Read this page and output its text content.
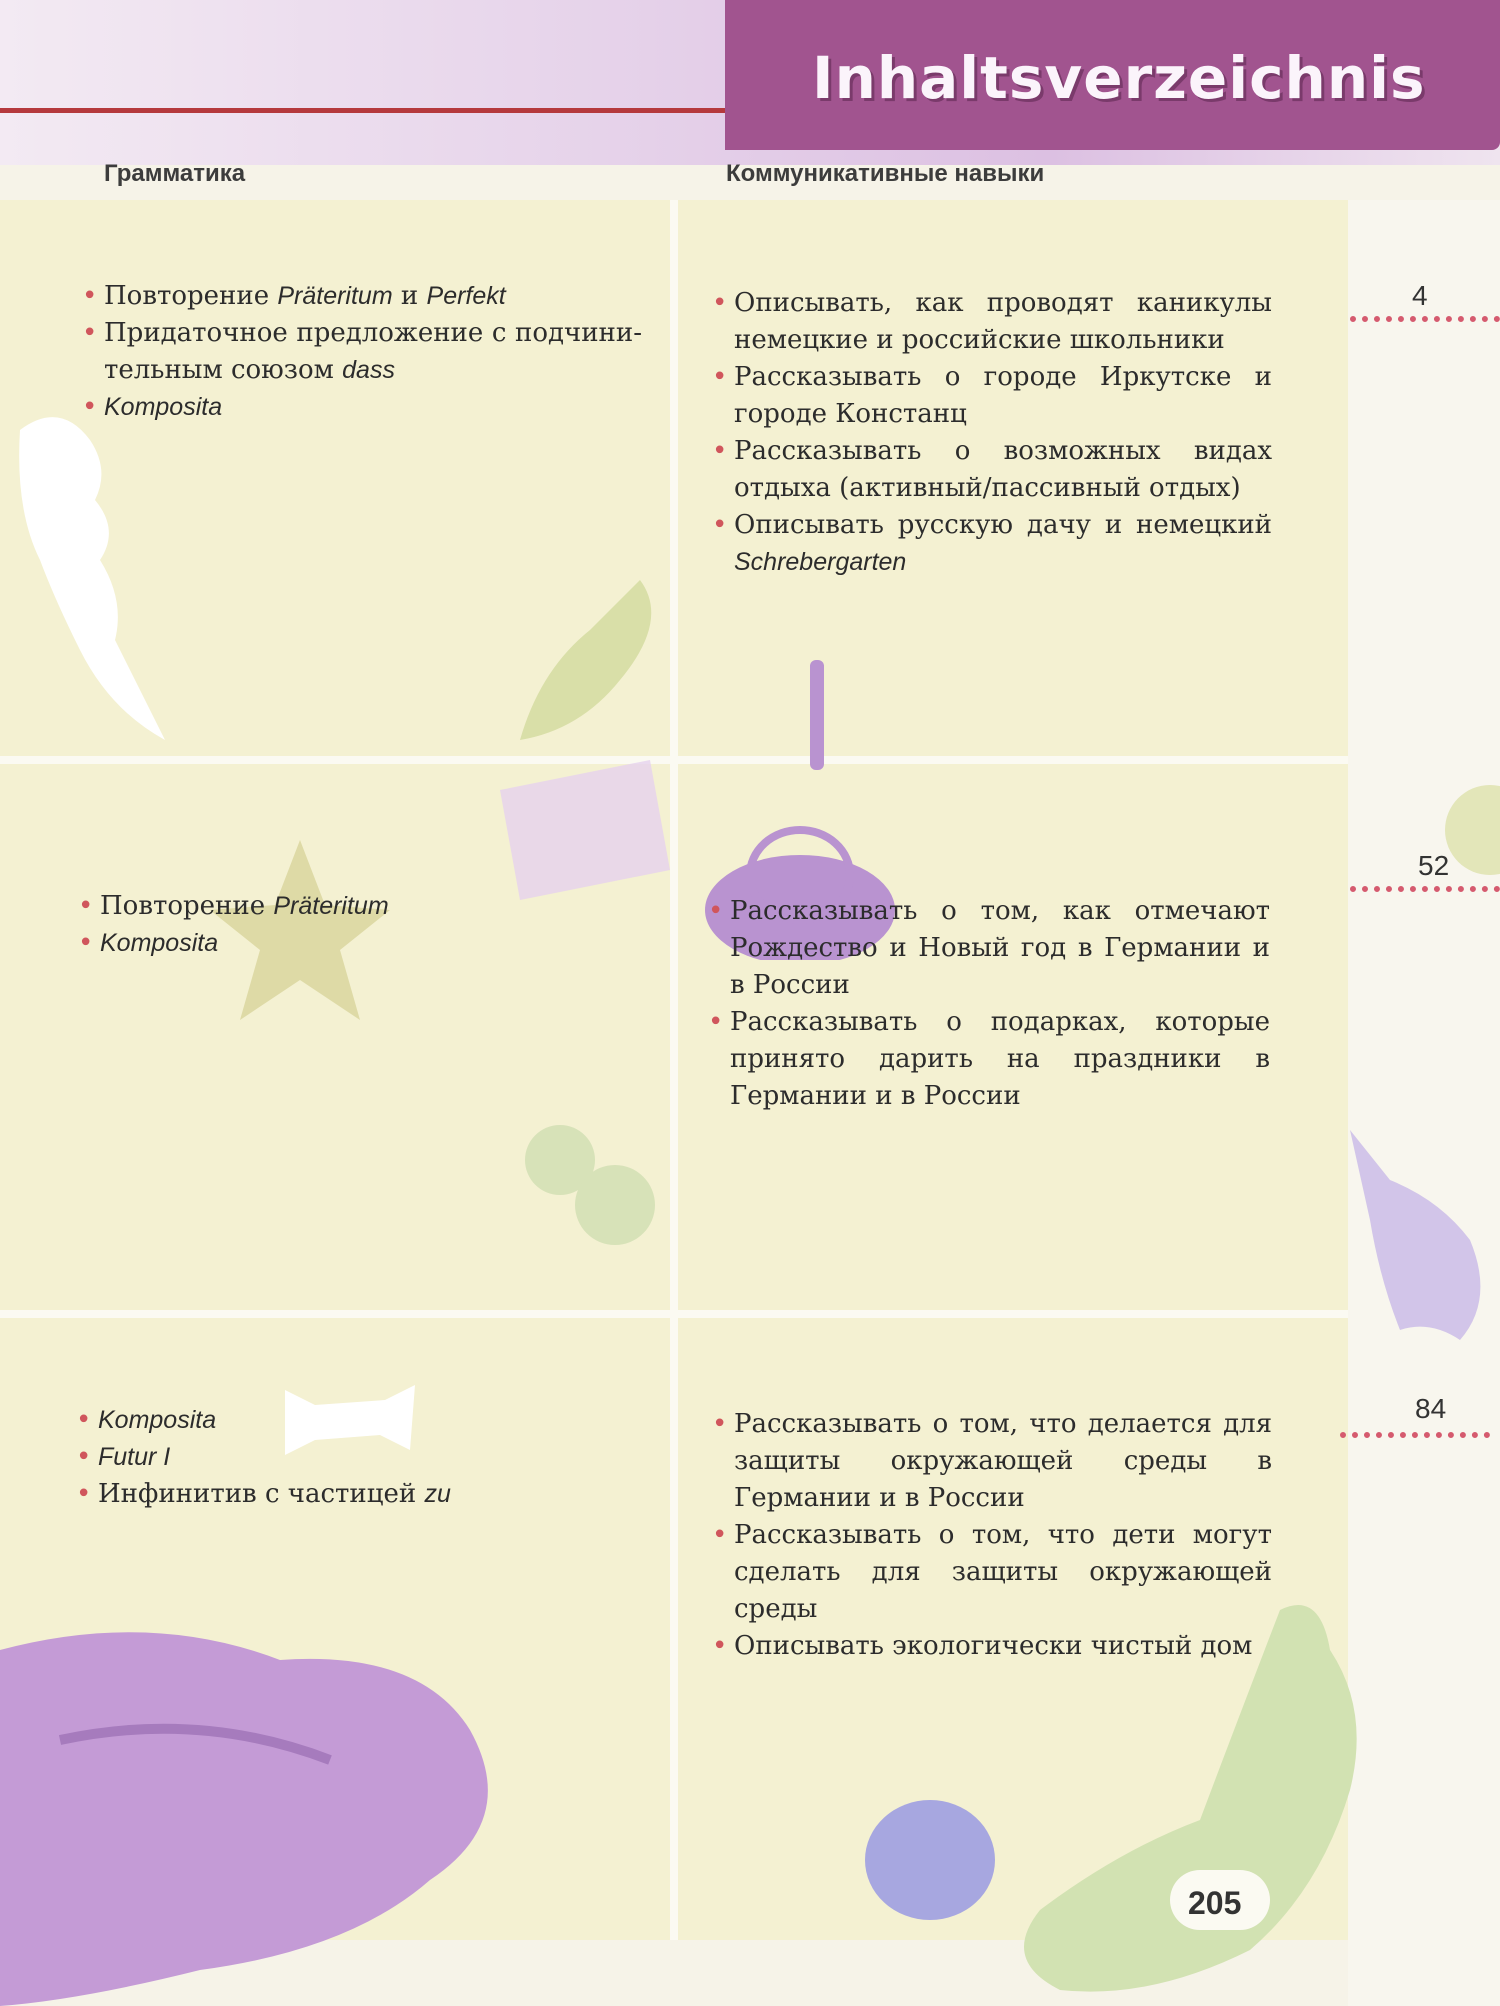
Inhaltsverzeichnis
Грамматика	Коммуникативные навыки
• Повторение Präteritum и Perfekt
• Придаточное предложение с подчини-тельным союзом dass
• Komposita
• Описывать, как проводят каникулы немецкие и российские школьники
• Рассказывать о городе Иркутске и городе Констанц
• Рассказывать о возможных видах отдыха (активный/пассивный отдых)
• Описывать русскую дачу и немецкий Schrebergarten
4
• Повторение Präteritum
• Komposita
• Рассказывать о том, как отмечают Рождество и Новый год в Германии и в России
• Рассказывать о подарках, которые принято дарить на праздники в Германии и в России
52
• Komposita
• Futur I
• Инфинитив с частицей zu
• Рассказывать о том, что делается для защиты окружающей среды в Германии и в России
• Рассказывать о том, что дети могут сделать для защиты окружающей среды
• Описывать экологически чистый дом
84
205
